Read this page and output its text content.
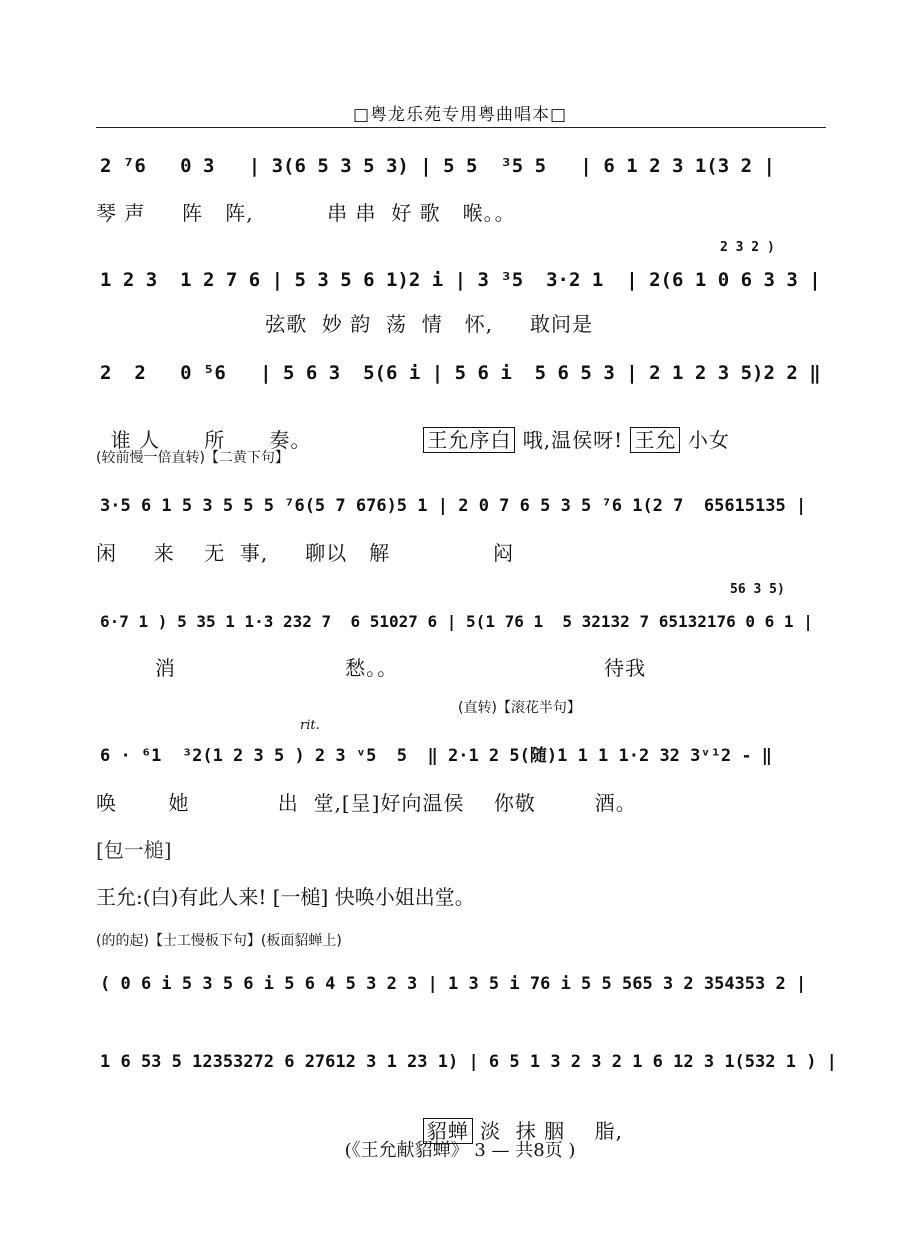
□粤龙乐苑专用粤曲唱本□
2 ⁷6   0 3   | 3(6 5 3 5 3) | 5 5  ³5 5   | 6 1 2 3 1(3 2 |
琴 声     阵   阵,          串 串  好 歌   喉。。
2 3 2 )
1 2 3  1 2 7 6 | 5 3 5 6 1)2 i | 3 ³5  3·2 1  | 2(6 1 0 6 3 3 |
弦歌  妙 韵  荡  情   怀,     敢问是
2  2   0 ⁵6   | 5 6 3  5(6 i | 5 6 i  5 6 5 3 | 2 1 2 3 5)2 2 ‖

谁 人      所      奏。	王允序白 哦,温侯呀! 王允 小女

(较前慢一倍直转)【二黄下句】
3·5 6 1 5 3 5 5 5 ⁷6(5 7 676)5 1 | 2 0 7 6 5 3 5 ⁷6 1(2 7  65615135 |
闲     来    无  事,     聊以   解              闷
56 3 5)
6·7 1 ) 5 35 1 1·3 232 7  6 51027 6 | 5(1 76 1  5 32132 7 65132176 0 6 1 |
消                       愁。。                            待我
(直转)【滚花半句】
rit.
6 · ⁶1  ³2(1 2 3 5 ) 2 3 ᵛ5  5  ‖ 2·1 2 5(随)1 1 1 1·2 32 3ᵛ¹2 - ‖
唤       她            出  堂,[呈]好向温侯    你敬        酒。
[包一槌]
王允:(白)有此人来! [一槌] 快唤小姐出堂。
(的的起)【士工慢板下句】(板面貂蝉上)
( 0 6 i 5 3 5 6 i 5 6 4 5 3 2 3 | 1 3 5 i 76 i 5 5 565 3 2 354353 2 |
1 6 53 5 12353272 6 27612 3 1 23 1) | 6 5 1 3 2 3 2 1 6 12 3 1(532 1 ) |

貂蝉 淡  抹 胭    脂,

(《王允献貂蝉》 3 — 共8页 )
